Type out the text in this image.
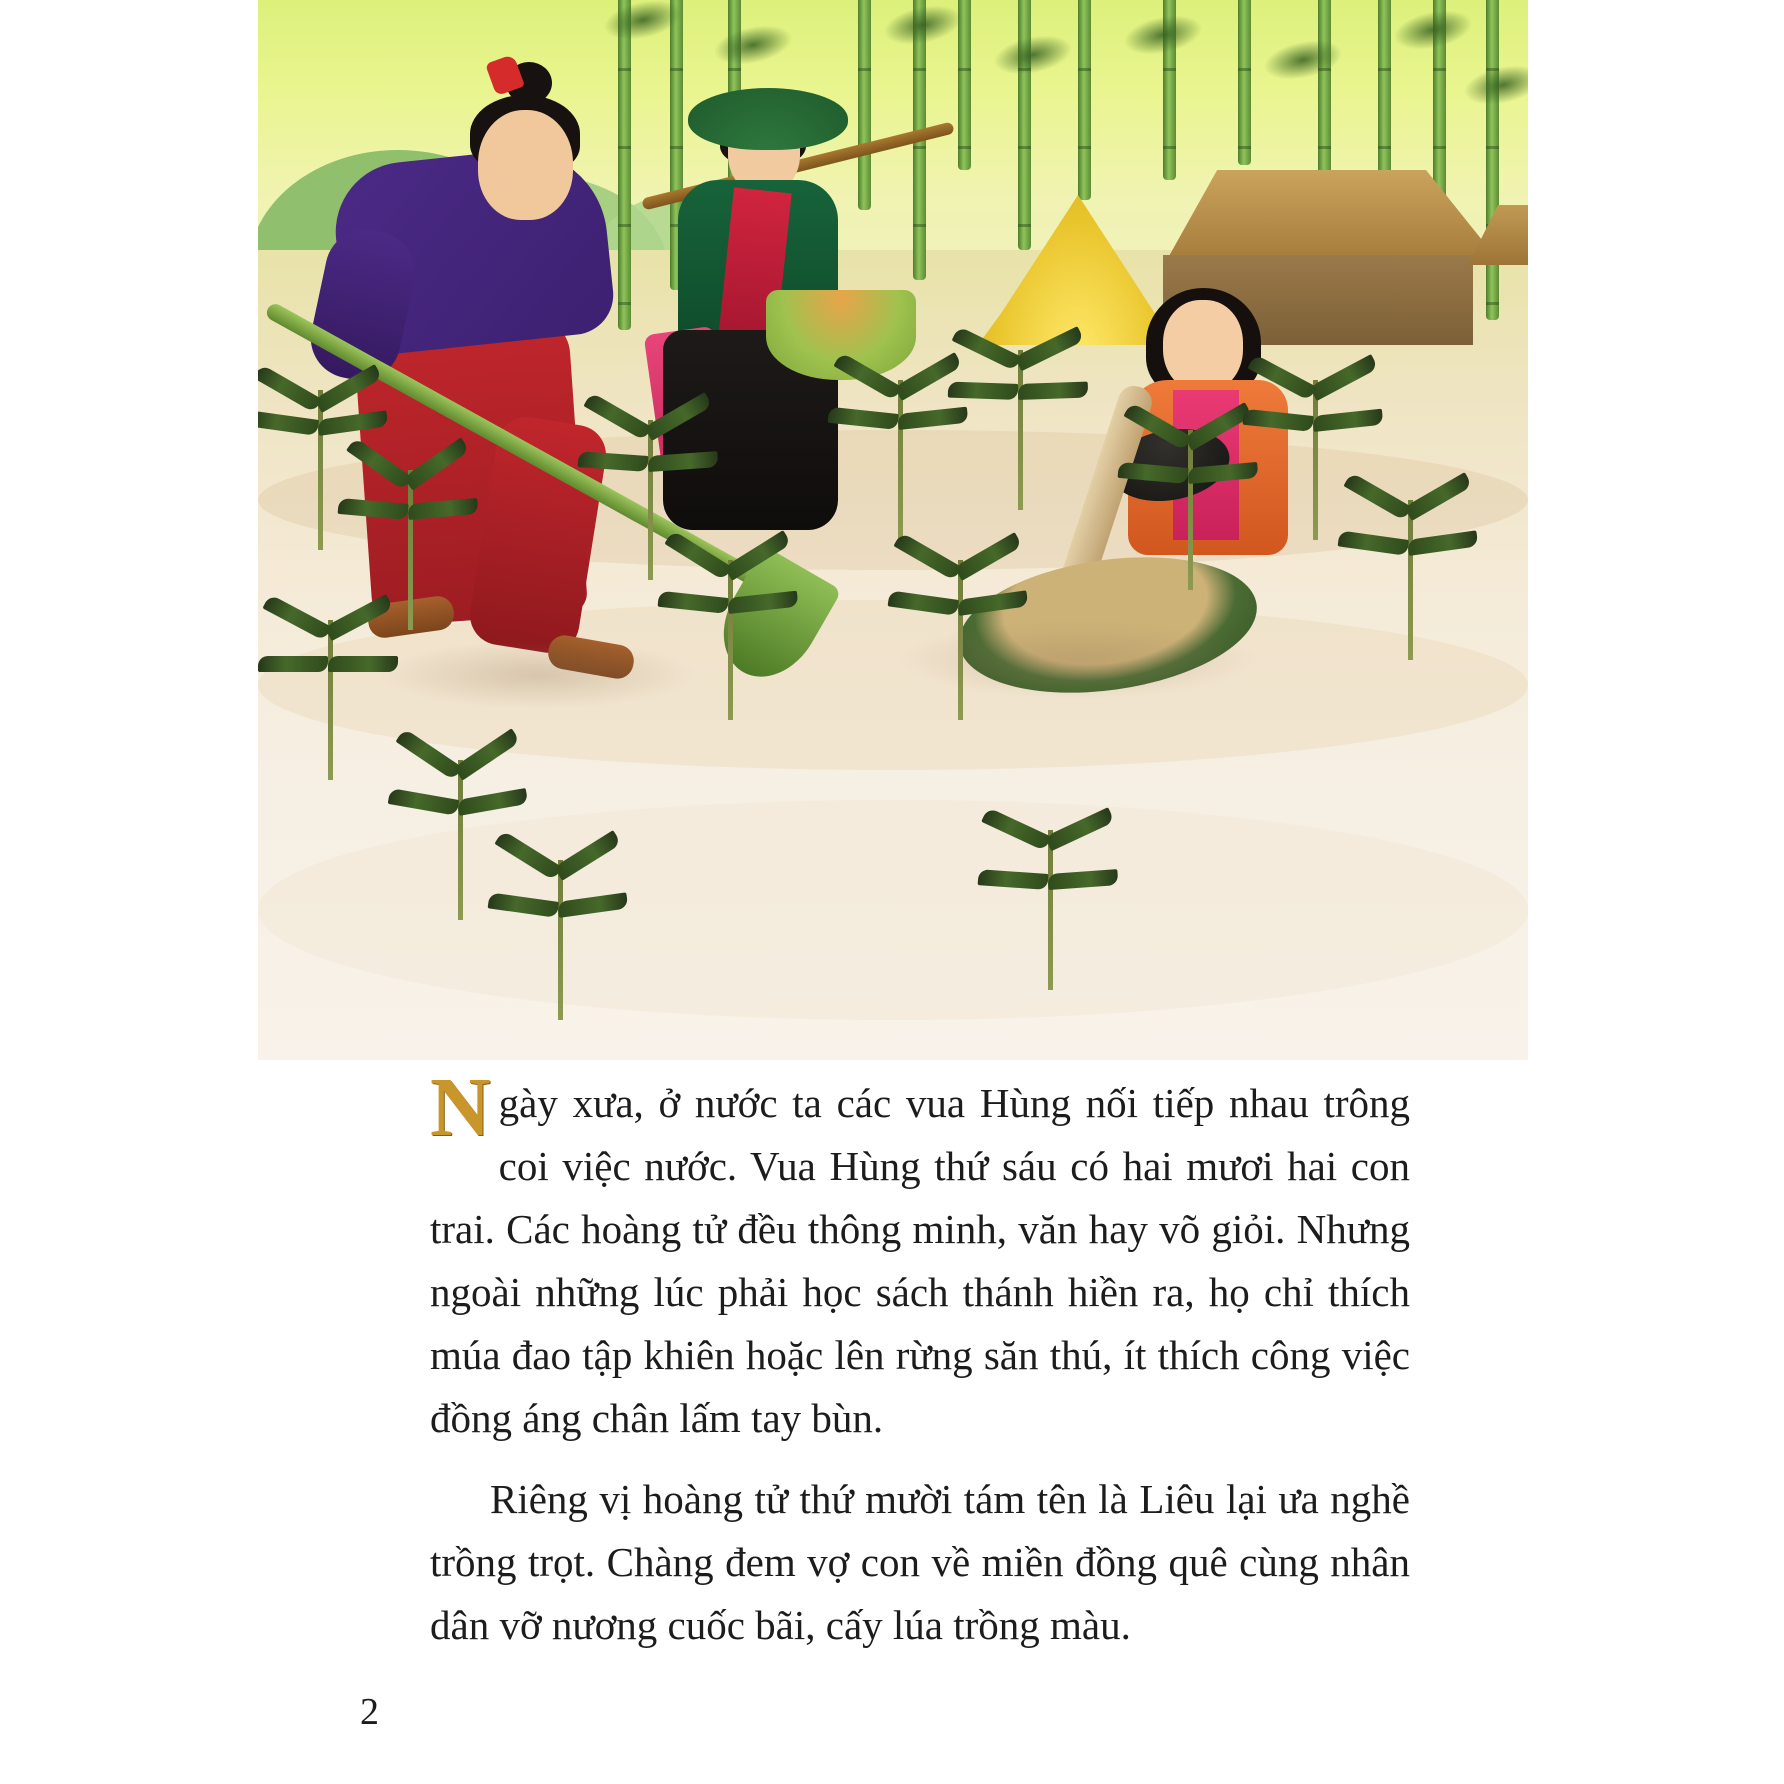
Ngày xưa, ở nước ta các vua Hùng nối tiếp nhau trông coi việc nước. Vua Hùng thứ sáu có hai mươi hai con trai. Các hoàng tử đều thông minh, văn hay võ giỏi. Nhưng ngoài những lúc phải học sách thánh hiền ra, họ chỉ thích múa đao tập khiên hoặc lên rừng săn thú, ít thích công việc đồng áng chân lấm tay bùn.

Riêng vị hoàng tử thứ mười tám tên là Liêu lại ưa nghề trồng trọt. Chàng đem vợ con về miền đồng quê cùng nhân dân vỡ nương cuốc bãi, cấy lúa trồng màu.

2
